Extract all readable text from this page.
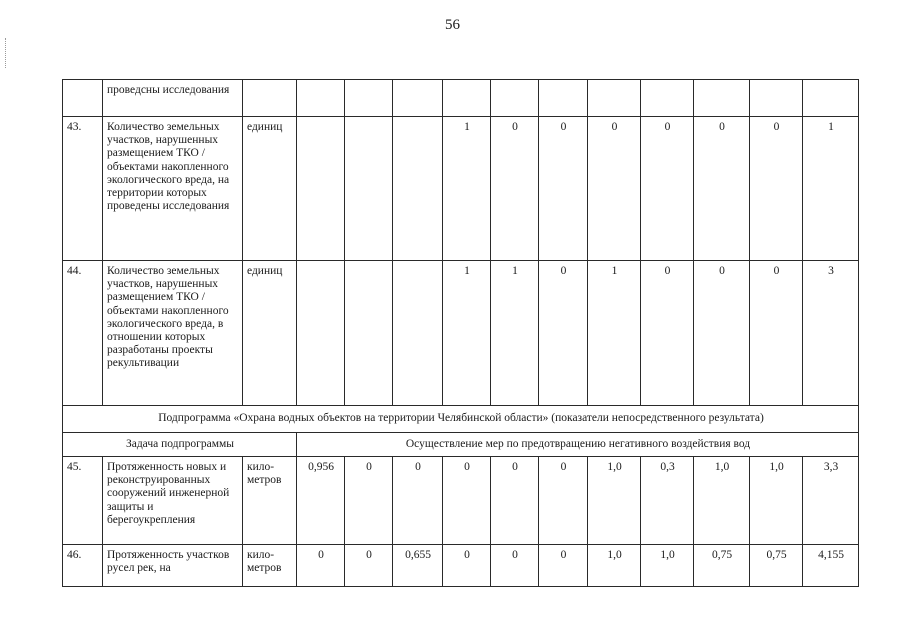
56
	проведсны исследования												
43.	Количество земельных участков, нарушенных размещением ТКО / объектами накопленного экологического вреда, на территории которых проведены исследования	единиц				1	0	0	0	0	0	0	1
44.	Количество земельных участков, нарушенных размещением ТКО / объектами накопленного экологического вреда, в отношении которых разработаны проекты рекультивации	единиц				1	1	0	1	0	0	0	3
Подпрограмма «Охрана водных объектов на территории Челябинской области» (показатели непосредственного результата)													
Задача подпрограммы			Осуществление мер по предотвращению негативного воздействия вод										
45.	Протяженность новых и реконструированных сооружений инженерной защиты и берегоукрепления	кило-метров	0,956	0	0	0	0	0	1,0	0,3	1,0	1,0	3,3
46.	Протяженность участков русел рек, на	кило-метров	0	0	0,655	0	0	0	1,0	1,0	0,75	0,75	4,155
